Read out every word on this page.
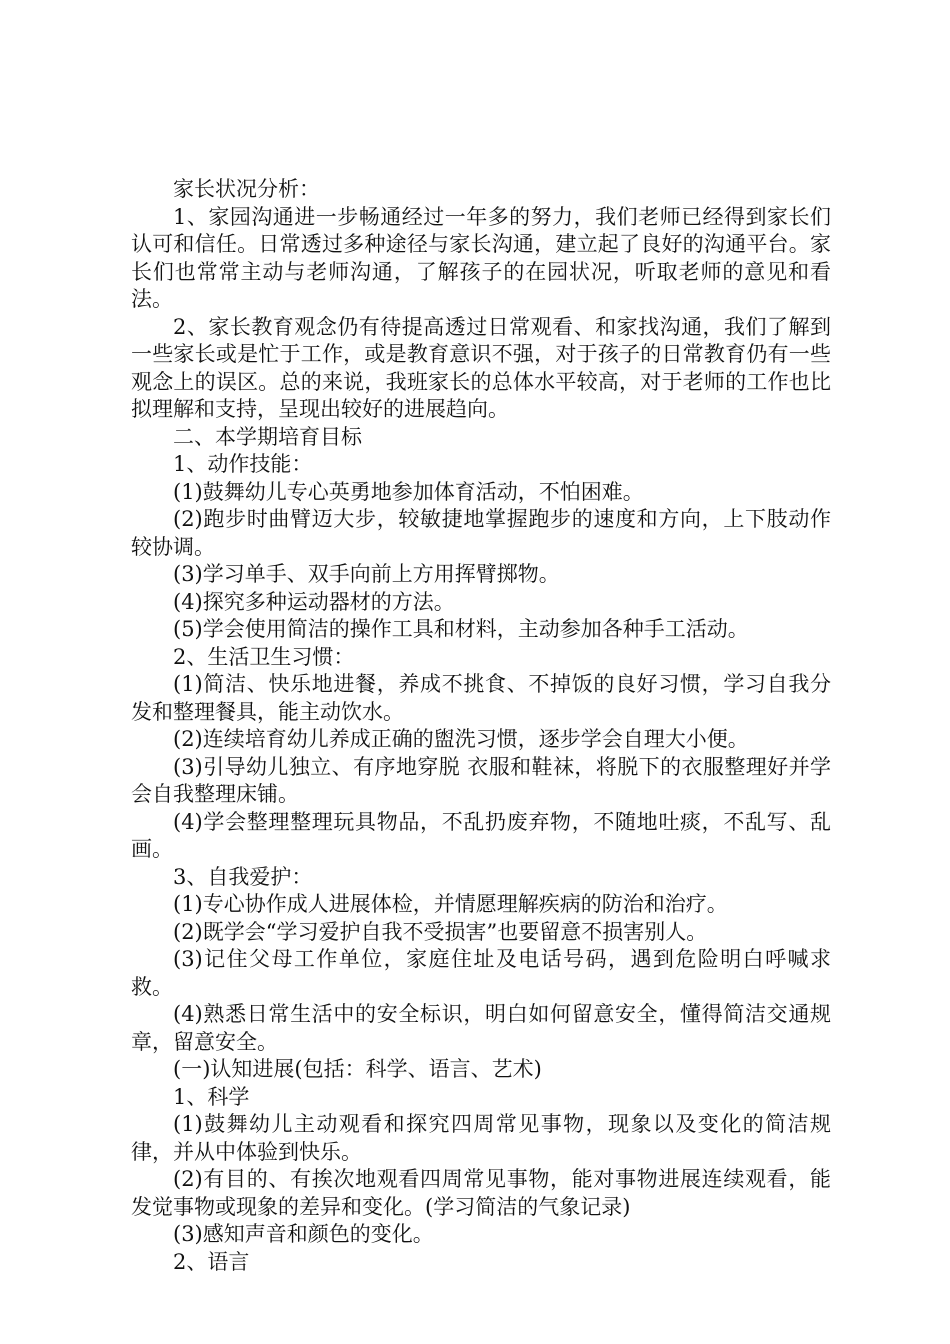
家长状况分析：

1、家园沟通进一步畅通经过一年多的努力，我们老师已经得到家长们认可和信任。日常透过多种途径与家长沟通，建立起了良好的沟通平台。家长们也常常主动与老师沟通，了解孩子的在园状况，听取老师的意见和看法。

2、家长教育观念仍有待提高透过日常观看、和家找沟通，我们了解到一些家长或是忙于工作，或是教育意识不强，对于孩子的日常教育仍有一些观念上的误区。总的来说，我班家长的总体水平较高，对于老师的工作也比拟理解和支持，呈现出较好的进展趋向。

二、本学期培育目标

1、动作技能：

(1)鼓舞幼儿专心英勇地参加体育活动，不怕困难。

(2)跑步时曲臂迈大步，较敏捷地掌握跑步的速度和方向，上下肢动作较协调。

(3)学习单手、双手向前上方用挥臂掷物。

(4)探究多种运动器材的方法。

(5)学会使用简洁的操作工具和材料，主动参加各种手工活动。

2、生活卫生习惯：

(1)简洁、快乐地进餐，养成不挑食、不掉饭的良好习惯，学习自我分发和整理餐具，能主动饮水。

(2)连续培育幼儿养成正确的盥洗习惯，逐步学会自理大小便。

(3)引导幼儿独立、有序地穿脱 衣服和鞋袜，将脱下的衣服整理好并学会自我整理床铺。

(4)学会整理整理玩具物品，不乱扔废弃物，不随地吐痰，不乱写、乱画。

3、自我爱护：

(1)专心协作成人进展体检，并情愿理解疾病的防治和治疗。

(2)既学会“学习爱护自我不受损害”也要留意不损害别人。

(3)记住父母工作单位，家庭住址及电话号码，遇到危险明白呼喊求救。

(4)熟悉日常生活中的安全标识，明白如何留意安全，懂得简洁交通规章，留意安全。

(一)认知进展(包括：科学、语言、艺术)

1、科学

(1)鼓舞幼儿主动观看和探究四周常见事物，现象以及变化的简洁规律，并从中体验到快乐。

(2)有目的、有挨次地观看四周常见事物，能对事物进展连续观看，能发觉事物或现象的差异和变化。(学习简洁的气象记录)

(3)感知声音和颜色的变化。

2、语言
